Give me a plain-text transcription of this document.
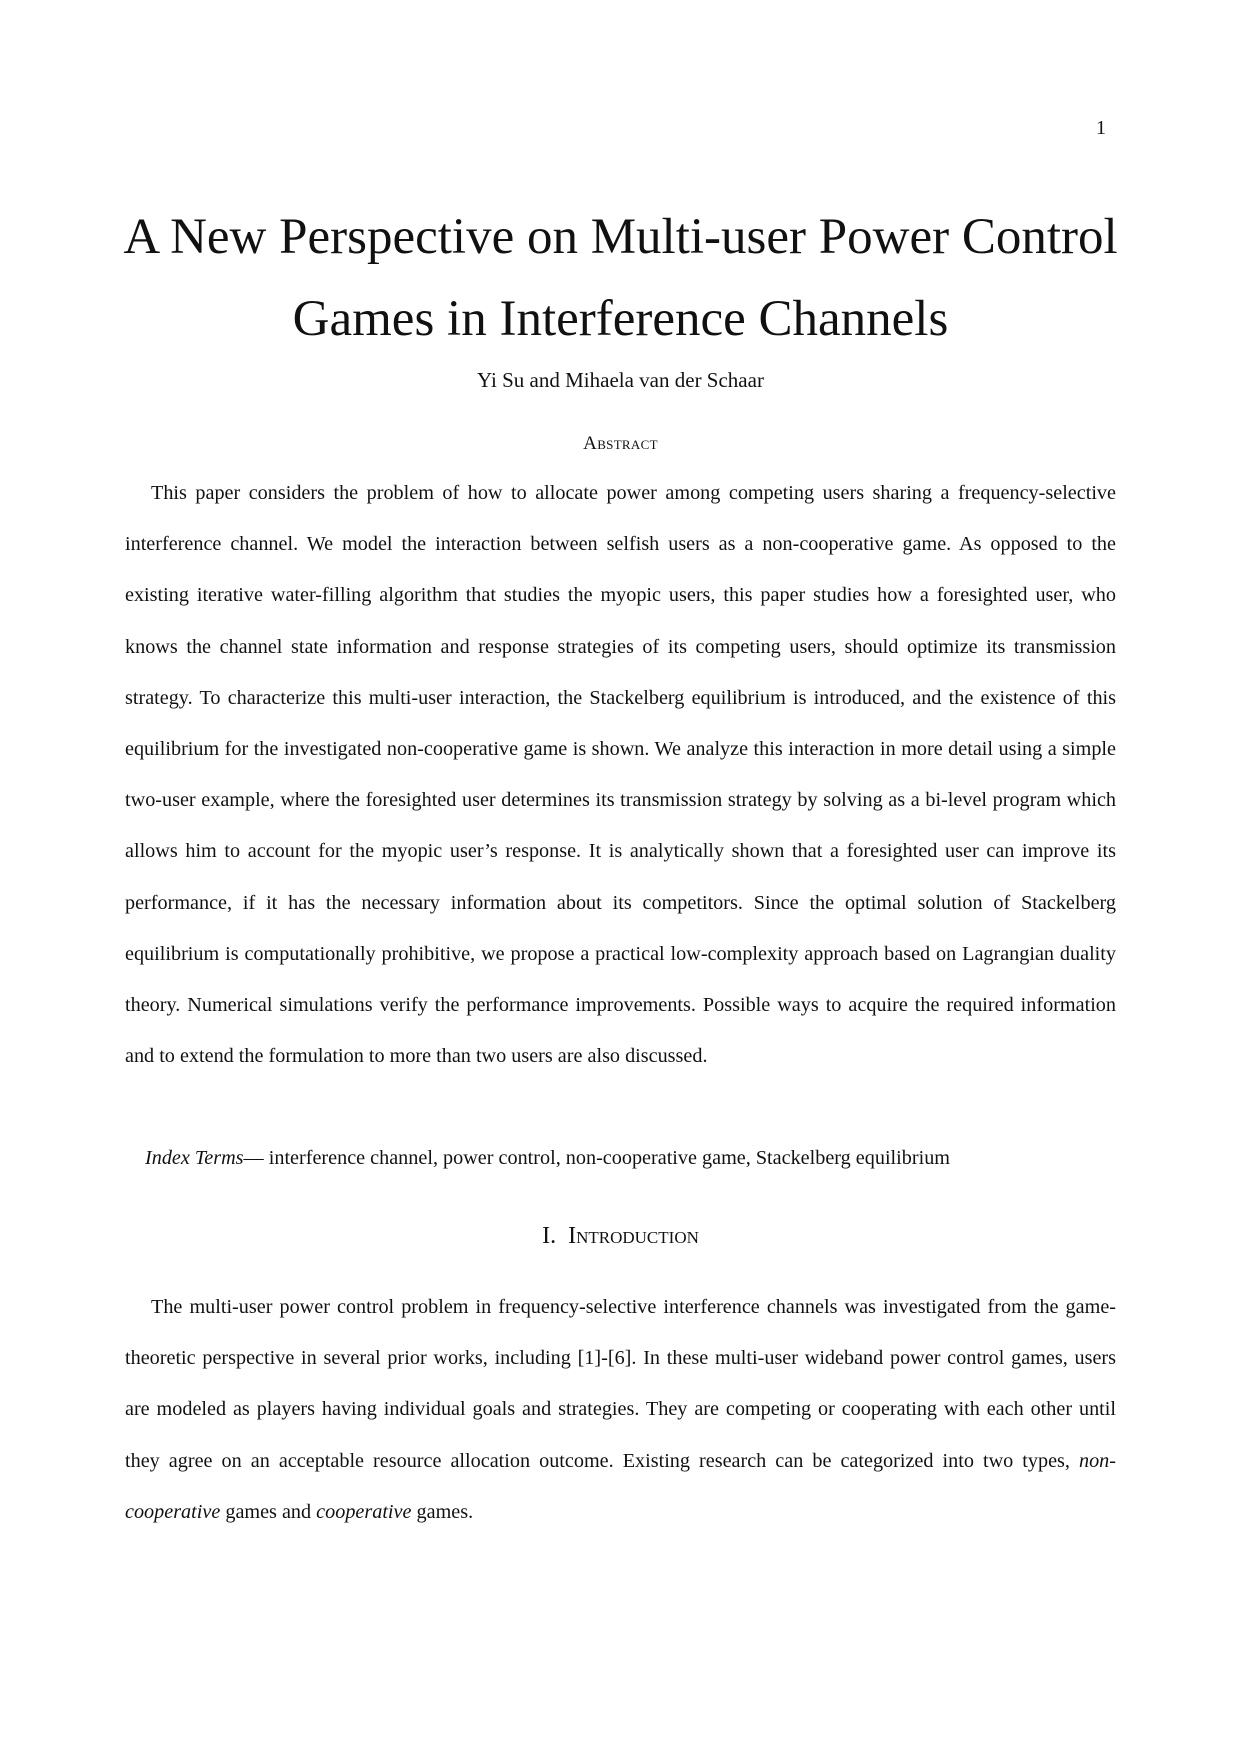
1
A New Perspective on Multi-user Power Control Games in Interference Channels
Yi Su and Mihaela van der Schaar
Abstract

This paper considers the problem of how to allocate power among competing users sharing a frequency-selective interference channel. We model the interaction between selfish users as a non-cooperative game. As opposed to the existing iterative water-filling algorithm that studies the myopic users, this paper studies how a foresighted user, who knows the channel state information and response strategies of its competing users, should optimize its transmission strategy. To characterize this multi-user interaction, the Stackelberg equilibrium is introduced, and the existence of this equilibrium for the investigated non-cooperative game is shown. We analyze this interaction in more detail using a simple two-user example, where the foresighted user determines its transmission strategy by solving as a bi-level program which allows him to account for the myopic user’s response. It is analytically shown that a foresighted user can improve its performance, if it has the necessary information about its competitors. Since the optimal solution of Stackelberg equilibrium is computationally prohibitive, we propose a practical low-complexity approach based on Lagrangian duality theory. Numerical simulations verify the performance improvements. Possible ways to acquire the required information and to extend the formulation to more than two users are also discussed.

Index Terms— interference channel, power control, non-cooperative game, Stackelberg equilibrium

I. Introduction

The multi-user power control problem in frequency-selective interference channels was investigated from the game-theoretic perspective in several prior works, including [1]-[6]. In these multi-user wideband power control games, users are modeled as players having individual goals and strategies. They are competing or cooperating with each other until they agree on an acceptable resource allocation outcome. Existing research can be categorized into two types, non-cooperative games and cooperative games.
